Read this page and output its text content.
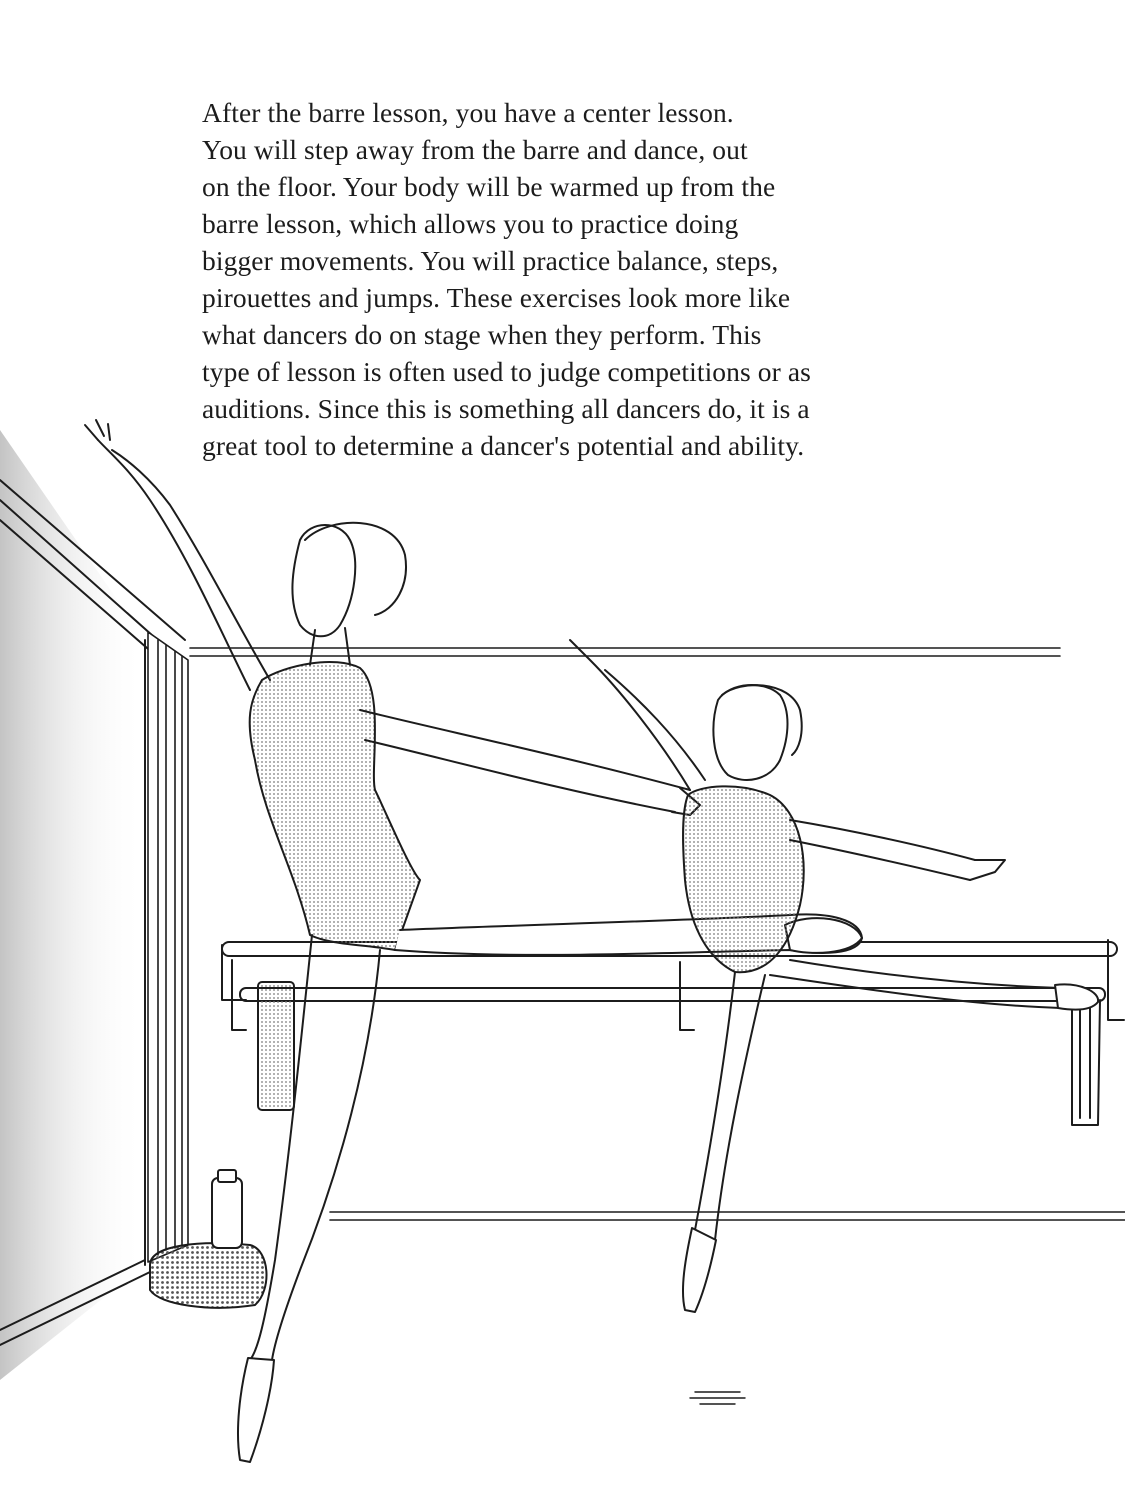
After the barre lesson, you have a center lesson.
You will step away from the barre and dance, out
on the floor. Your body will be warmed up from the
barre lesson, which allows you to practice doing
bigger movements. You will practice balance, steps,
pirouettes and jumps. These exercises look more like
what dancers do on stage when they perform. This
type of lesson is often used to judge competitions or as
auditions. Since this is something all dancers do, it is a
great tool to determine a dancer's potential and ability.
